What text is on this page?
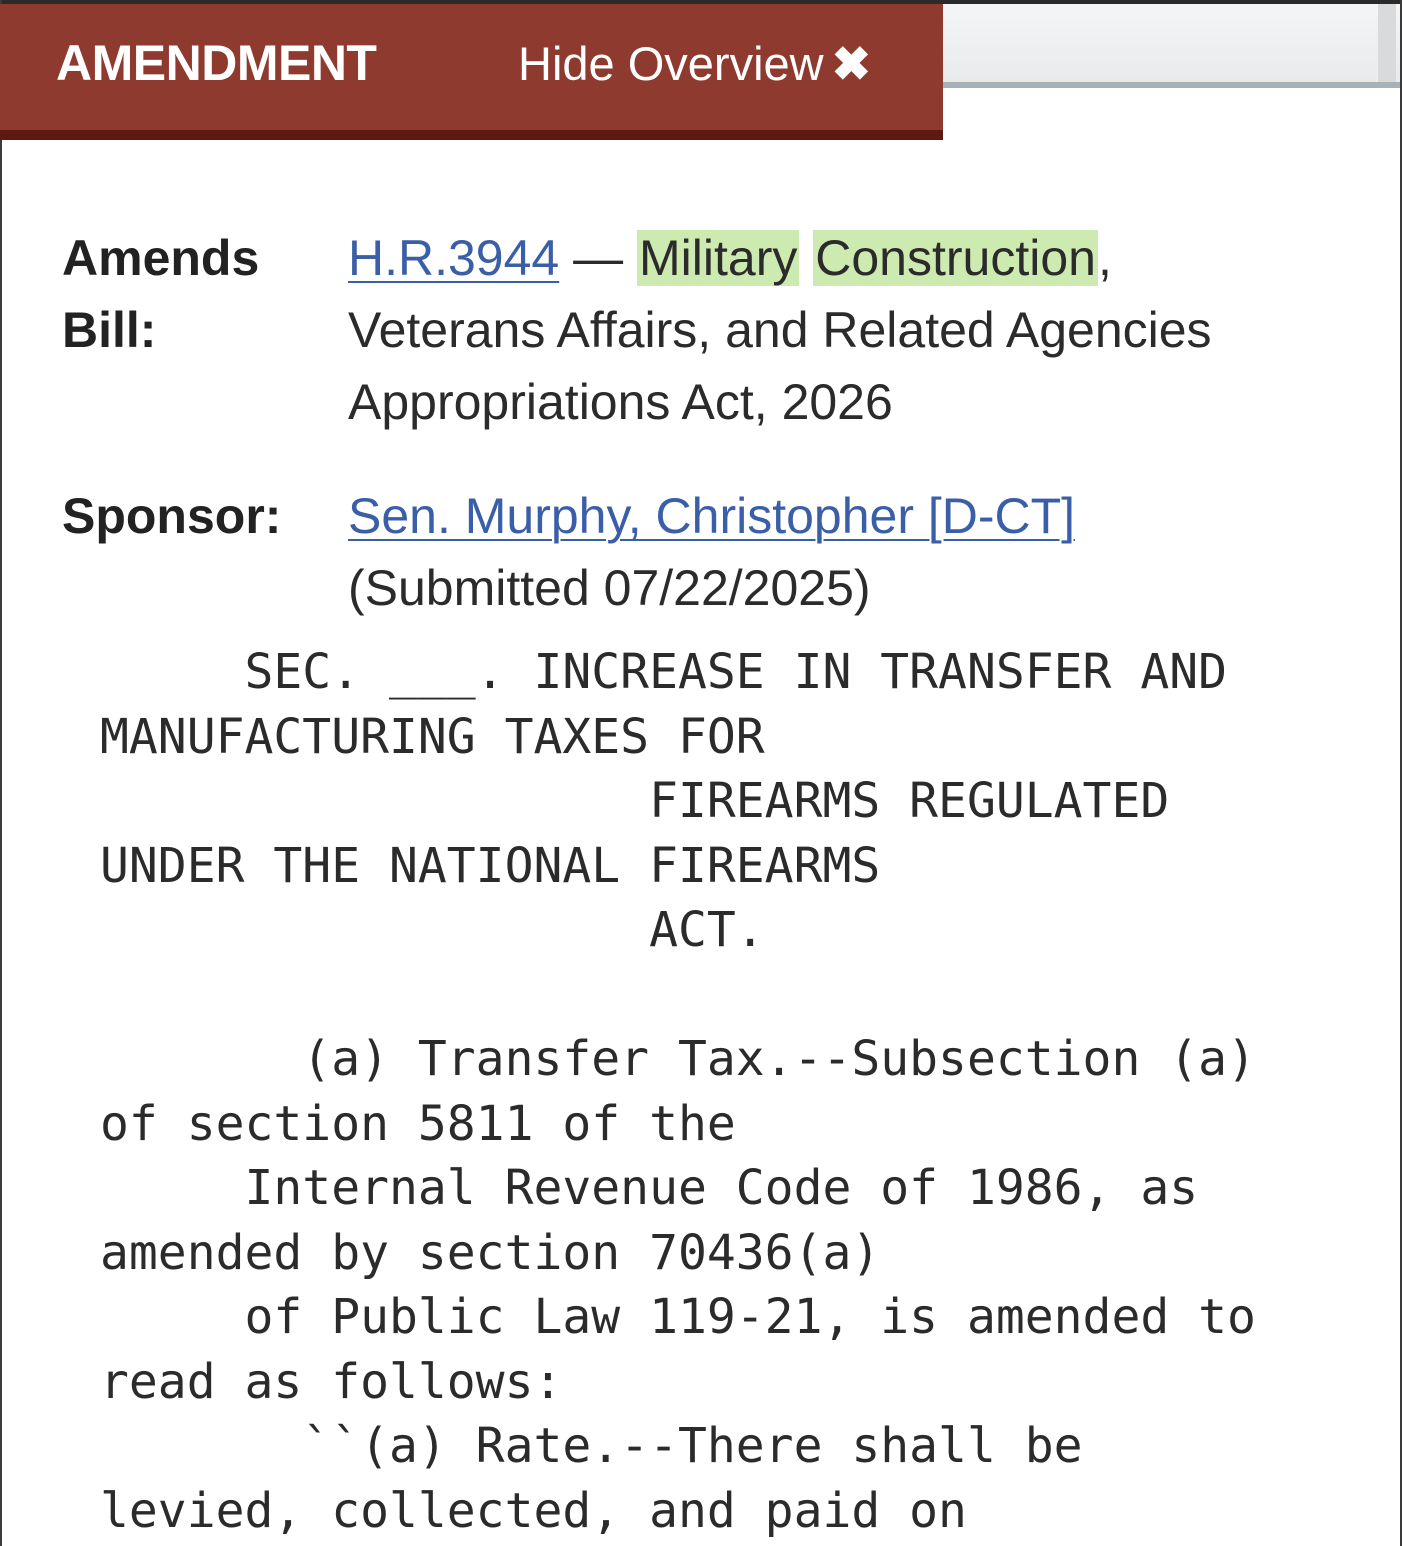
AMENDMENT	Hide Overview ✖
Amends Bill:
H.R.3944 — Military Construction, Veterans Affairs, and Related Agencies Appropriations Act, 2026
Sponsor: Sen. Murphy, Christopher [D-CT]
(Submitted 07/22/2025)
SEC. ___. INCREASE IN TRANSFER AND
MANUFACTURING TAXES FOR
FIREARMS REGULATED
UNDER THE NATIONAL FIREARMS
ACT.

(a) Transfer Tax.--Subsection (a)
of section 5811 of the
Internal Revenue Code of 1986, as
amended by section 70436(a)
of Public Law 119-21, is amended to
read as follows:
``(a) Rate.--There shall be
levied, collected, and paid on
